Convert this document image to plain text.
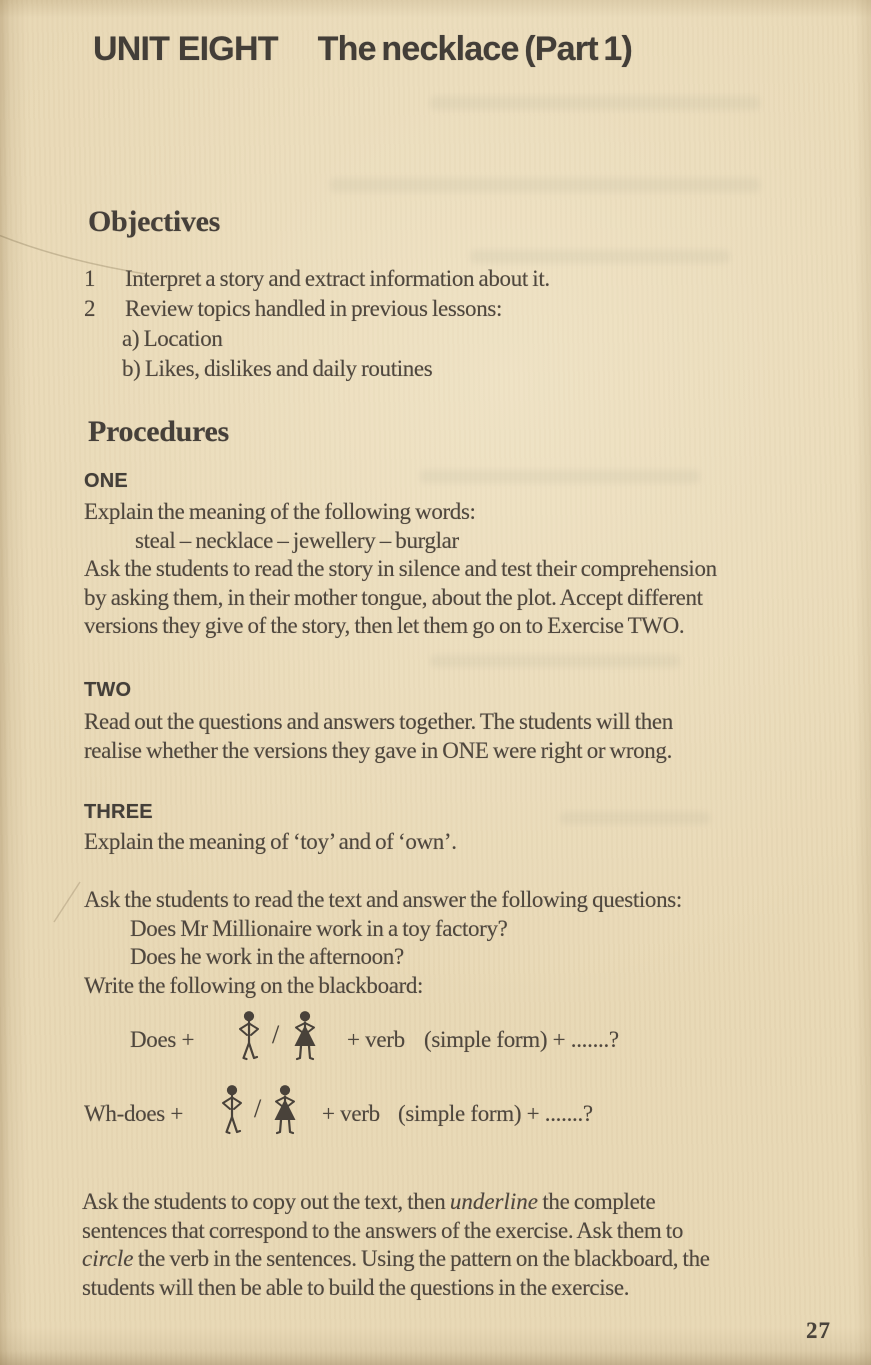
UNIT EIGHT The necklace (Part 1)
Objectives
1 Interpret a story and extract information about it.
2 Review topics handled in previous lessons:
a) Location
b) Likes, dislikes and daily routines
Procedures
ONE
Explain the meaning of the following words:
steal – necklace – jewellery – burglar
Ask the students to read the story in silence and test their comprehension
by asking them, in their mother tongue, about the plot. Accept different
versions they give of the story, then let them go on to Exercise TWO.
TWO
Read out the questions and answers together. The students will then
realise whether the versions they gave in ONE were right or wrong.
THREE
Explain the meaning of ‘toy’ and of ‘own’.
Ask the students to read the text and answer the following questions:
Does Mr Millionaire work in a toy factory?
Does he work in the afternoon?
Write the following on the blackboard:
Does +	/	+ verb (simple form) + .......?
Wh-does +	/	+ verb (simple form) + .......?
Ask the students to copy out the text, then underline the complete
sentences that correspond to the answers of the exercise. Ask them to
circle the verb in the sentences. Using the pattern on the blackboard, the
students will then be able to build the questions in the exercise.
27
